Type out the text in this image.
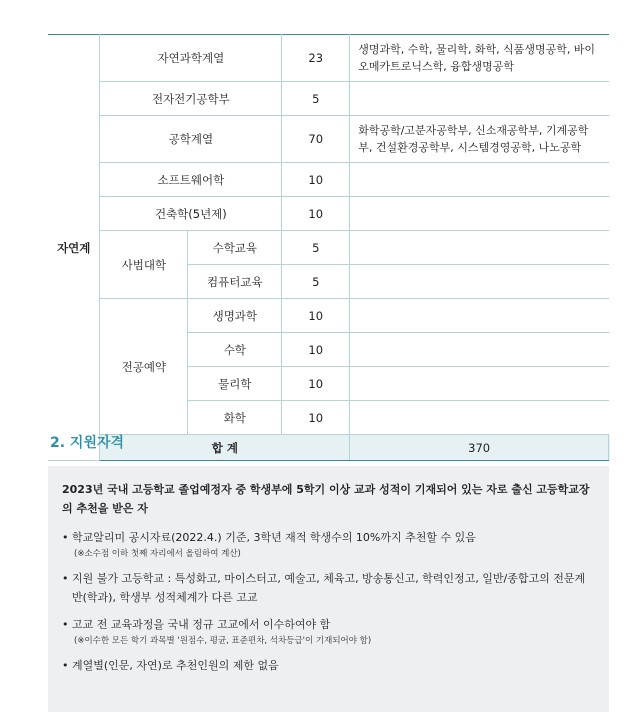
자연계	자연과학계열		23	생명과학, 수학, 물리학, 화학, 식품생명공학, 바이오메카트로닉스학, 융합생명공학	
	전자전기공학부		5		
	공학계열		70	화학공학/고분자공학부, 신소재공학부, 기계공학부, 건설환경공학부, 시스템경영공학, 나노공학	
	소프트웨어학		10		
	건축학(5년제)		10		
	사범대학	수학교육	5		
		컴퓨터교육	5		
	전공예약	생명과학	10		
		수학	10		
		물리학	10		
		화학	10		
	합 계			370	
2. 지원자격

2023년 국내 고등학교 졸업예정자 중 학생부에 5학기 이상 교과 성적이 기재되어 있는 자로 출신 고등학교장의 추천을 받은 자

• 학교알리미 공시자료(2022.4.) 기준, 3학년 재적 학생수의 10%까지 추천할 수 있음
(※소수점 이하 첫째 자리에서 올림하여 계산)
• 지원 불가 고등학교 : 특성화고, 마이스터고, 예술고, 체육고, 방송통신고, 학력인정고, 일반/종합고의 전문계반(학과), 학생부 성적체계가 다른 고교
• 고교 전 교육과정을 국내 정규 고교에서 이수하여야 함
(※이수한 모든 학기 과목별 '원점수, 평균, 표준편차, 석차등급'이 기재되어야 함)
• 계열별(인문, 자연)로 추천인원의 제한 없음
